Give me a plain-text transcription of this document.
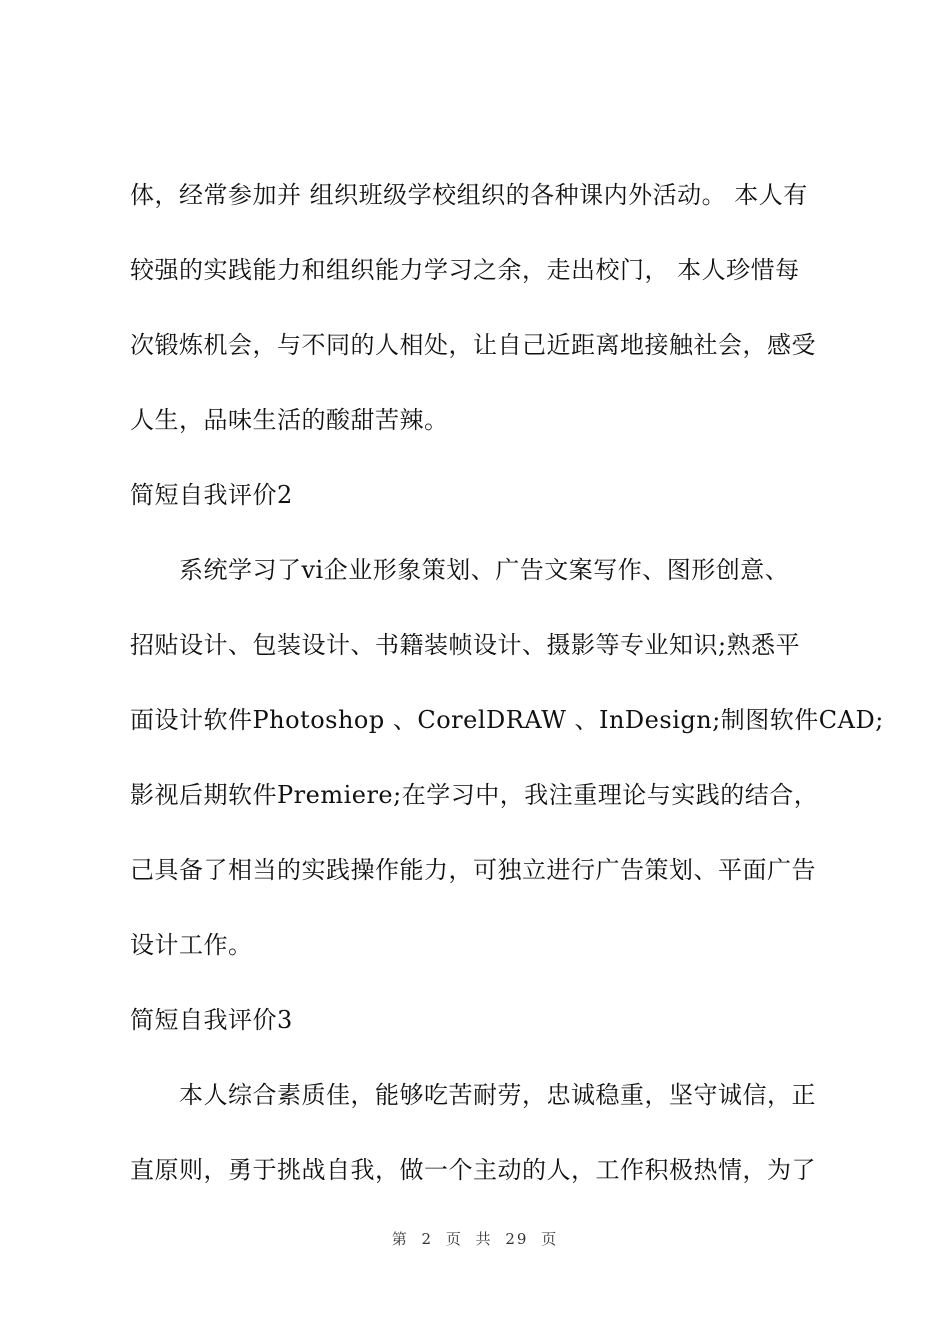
体，经常参加并 组织班级学校组织的各种课内外活动。 本人有
较强的实践能力和组织能力学习之余，走出校门， 本人珍惜每
次锻炼机会，与不同的人相处，让自己近距离地接触社会，感受
人生，品味生活的酸甜苦辣。
简短自我评价2
　　系统学习了vi企业形象策划、广告文案写作、图形创意、
招贴设计、包装设计、书籍装帧设计、摄影等专业知识;熟悉平
面设计软件Photoshop 、CorelDRAW 、InDesign;制图软件CAD;
影视后期软件Premiere;在学习中，我注重理论与实践的结合，
己具备了相当的实践操作能力，可独立进行广告策划、平面广告
设计工作。
简短自我评价3
　　本人综合素质佳，能够吃苦耐劳，忠诚稳重，坚守诚信，正
直原则，勇于挑战自我，做一个主动的人，工作积极热情，为了
第 2 页 共 29 页
